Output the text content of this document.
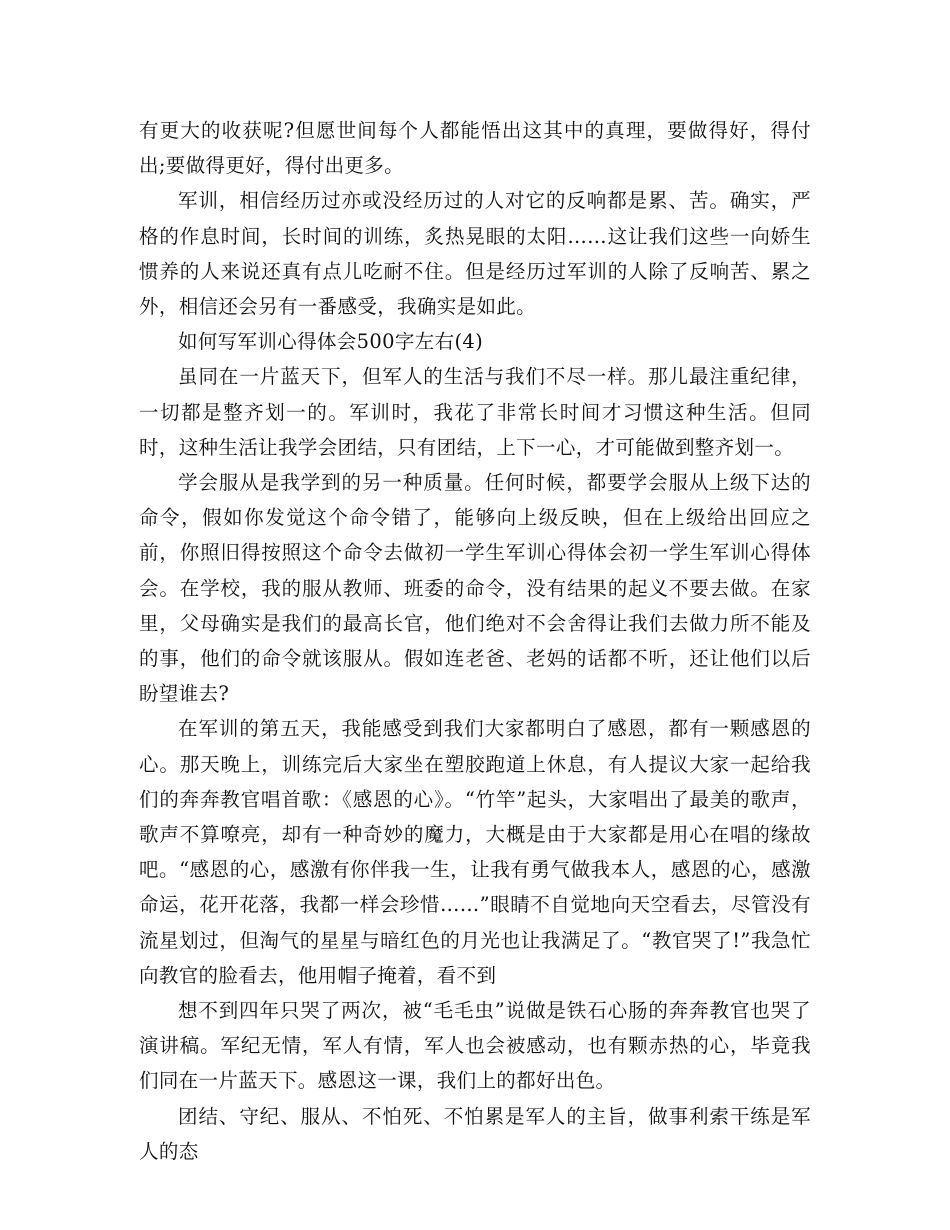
有更大的收获呢?但愿世间每个人都能悟出这其中的真理，要做得好，得付出;要做得更好，得付出更多。

军训，相信经历过亦或没经历过的人对它的反响都是累、苦。确实，严格的作息时间，长时间的训练，炙热晃眼的太阳……这让我们这些一向娇生惯养的人来说还真有点儿吃耐不住。但是经历过军训的人除了反响苦、累之外，相信还会另有一番感受，我确实是如此。

如何写军训心得体会500字左右(4)

虽同在一片蓝天下，但军人的生活与我们不尽一样。那儿最注重纪律，一切都是整齐划一的。军训时，我花了非常长时间才习惯这种生活。但同时，这种生活让我学会团结，只有团结，上下一心，才可能做到整齐划一。

学会服从是我学到的另一种质量。任何时候，都要学会服从上级下达的命令，假如你发觉这个命令错了，能够向上级反映，但在上级给出回应之前，你照旧得按照这个命令去做初一学生军训心得体会初一学生军训心得体会。在学校，我的服从教师、班委的命令，没有结果的起义不要去做。在家里，父母确实是我们的最高长官，他们绝对不会舍得让我们去做力所不能及的事，他们的命令就该服从。假如连老爸、老妈的话都不听，还让他们以后盼望谁去?

在军训的第五天，我能感受到我们大家都明白了感恩，都有一颗感恩的心。那天晚上，训练完后大家坐在塑胶跑道上休息，有人提议大家一起给我们的奔奔教官唱首歌：《感恩的心》。“竹竿”起头，大家唱出了最美的歌声，歌声不算嘹亮，却有一种奇妙的魔力，大概是由于大家都是用心在唱的缘故吧。“感恩的心，感激有你伴我一生，让我有勇气做我本人，感恩的心，感激命运，花开花落，我都一样会珍惜……”眼睛不自觉地向天空看去，尽管没有流星划过，但淘气的星星与暗红色的月光也让我满足了。“教官哭了!”我急忙向教官的脸看去，他用帽子掩着，看不到

想不到四年只哭了两次，被“毛毛虫”说做是铁石心肠的奔奔教官也哭了演讲稿。军纪无情，军人有情，军人也会被感动，也有颗赤热的心，毕竟我们同在一片蓝天下。感恩这一课，我们上的都好出色。

团结、守纪、服从、不怕死、不怕累是军人的主旨，做事利索干练是军人的态
